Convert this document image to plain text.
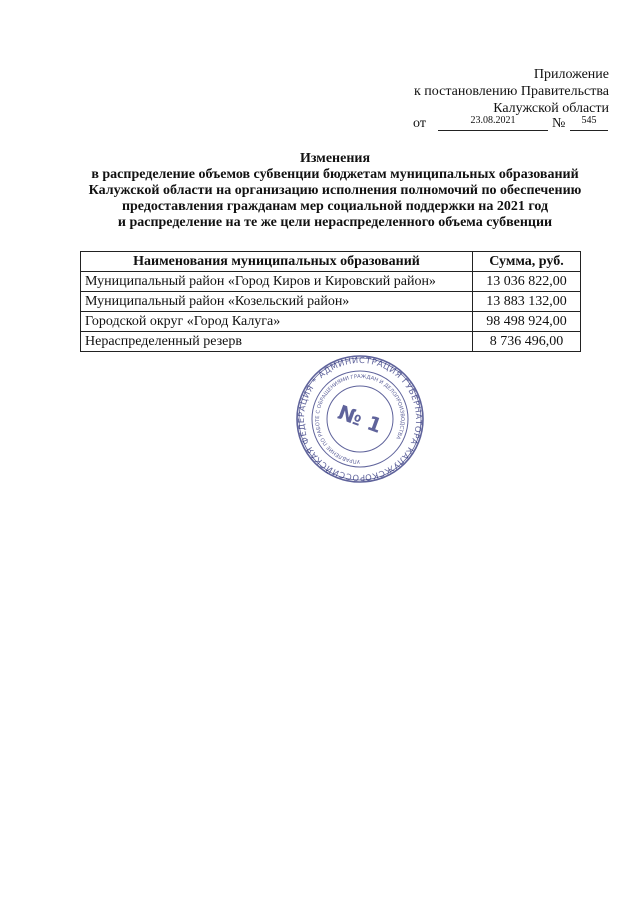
Приложение
к постановлению Правительства
Калужской области
от	23.08.2021	№	545
Изменения
в распределение объемов субвенции бюджетам муниципальных образований
Калужской области на организацию исполнения полномочий по обеспечению
предоставления гражданам мер социальной поддержки на 2021 год
и распределение на те же цели нераспределенного объема субвенции
Наименования муниципальных образований	Сумма, руб.
Муниципальный район «Город Киров и Кировский район»	13 036 822,00
Муниципальный район «Козельский район»	13 883 132,00
Городской округ «Город Калуга»	98 498 924,00
Нераспределенный резерв	8 736 496,00
РОССИЙСКАЯ ФЕДЕРАЦИЯ * АДМИНИСТРАЦИЯ ГУБЕРНАТОРА КАЛУЖСКОЙ
УПРАВЛЕНИЕ ПО РАБОТЕ С ОБРАЩЕНИЯМИ ГРАЖДАН И ДЕЛОПРОИЗВОДСТВА
№ 1
